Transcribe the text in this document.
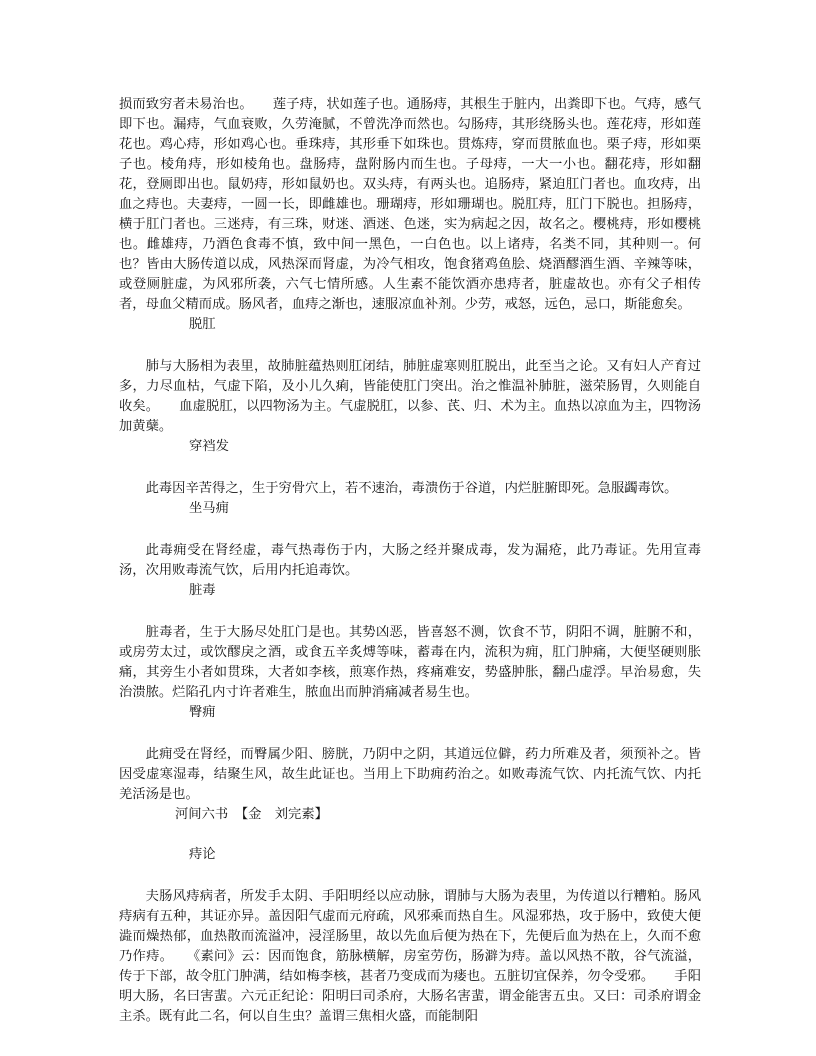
损而致穷者未易治也。　　莲子痔，状如莲子也。通肠痔，其根生于脏内，出粪即下也。气痔，感气即下也。漏痔，气血衰败，久劳淹腻，不曾洗净而然也。勾肠痔，其形绕肠头也。莲花痔，形如莲花也。鸡心痔，形如鸡心也。垂珠痔，其形垂下如珠也。贯炼痔，穿而贯脓血也。栗子痔，形如栗子也。棱角痔，形如棱角也。盘肠痔，盘附肠内而生也。子母痔，一大一小也。翻花痔，形如翻花，登厕即出也。鼠奶痔，形如鼠奶也。双头痔，有两头也。追肠痔，紧迫肛门者也。血攻痔，出血之痔也。夫妻痔，一圆一长，即雌雄也。珊瑚痔，形如珊瑚也。脱肛痔，肛门下脱也。担肠痔，横于肛门者也。三迷痔，有三珠，财迷、酒迷、色迷，实为病起之因，故名之。樱桃痔，形如樱桃也。雌雄痔，乃酒色食毒不慎，致中间一黑色，一白色也。以上诸痔，名类不同，其种则一。何也？皆由大肠传道以成，风热深而肾虚，为冷气相攻，饱食猪鸡鱼脍、烧酒醪酒生酒、辛辣等味，或登厕脏虚，为风邪所袭，六气七情所感。人生素不能饮酒亦患痔者，脏虚故也。亦有父子相传者，母血父精而成。肠风者，血痔之渐也，速服凉血补剂。少劳，戒怒，远色，忌口，斯能愈矣。

脱肛

肺与大肠相为表里，故肺脏蕴热则肛闭结，肺脏虚寒则肛脱出，此至当之论。又有妇人产育过多，力尽血枯，气虚下陷，及小儿久痢，皆能使肛门突出。治之惟温补肺脏，滋荣肠胃，久则能自收矣。　　血虚脱肛，以四物汤为主。气虚脱肛，以参、芪、归、术为主。血热以凉血为主，四物汤加黄蘖。

穿裆发

此毒因辛苦得之，生于穷骨穴上，若不速治，毒溃伤于谷道，内烂脏腑即死。急服蠲毒饮。

坐马痈

此毒痈受在肾经虚，毒气热毒伤于内，大肠之经并聚成毒，发为漏疮，此乃毒证。先用宣毒汤，次用败毒流气饮，后用内托追毒饮。

脏毒

脏毒者，生于大肠尽处肛门是也。其势凶恶，皆喜怒不测，饮食不节，阴阳不调，脏腑不和，或房劳太过，或饮醪戾之酒，或食五辛炙煿等味，蓄毒在内，流积为痈，肛门肿痛，大便坚硬则胀痛，其旁生小者如贯珠，大者如李核，煎寒作热，疼痛难安，势盛肿胀，翻凸虚浮。早治易愈，失治溃脓。烂陷孔内寸许者难生，脓血出而肿消痛减者易生也。

臀痈

此痈受在肾经，而臀属少阳、膀胱，乃阴中之阴，其道远位僻，药力所难及者，须预补之。皆因受虚寒湿毒，结聚生风，故生此证也。当用上下助痈药治之。如败毒流气饮、内托流气饮、内托羌活汤是也。

河间六书　【金　刘完素】

痔论

夫肠风痔病者，所发手太阴、手阳明经以应动脉，谓肺与大肠为表里，为传道以行糟粕。肠风痔病有五种，其证亦异。盖因阳气虚而元府疏，风邪乘而热自生。风湿邪热，攻于肠中，致使大便澁而燥热郁，血热散而流溢冲，浸淫肠里，故以先血后便为热在下，先便后血为热在上，久而不愈乃作痔。　　《素问》云：因而饱食，筋脉横解，房室劳伤，肠澼为痔。盖以风热不散，谷气流溢，传于下部，故令肛门肿满，结如梅李核，甚者乃变成而为瘘也。五脏切宜保养，勿令受邪。　　手阳明大肠，名曰害蜚。六元正纪论：阳明曰司杀府，大肠名害蜚，谓金能害五虫。又曰：司杀府谓金主杀。既有此二名，何以自生虫？盖谓三焦相火盛，而能制阳
